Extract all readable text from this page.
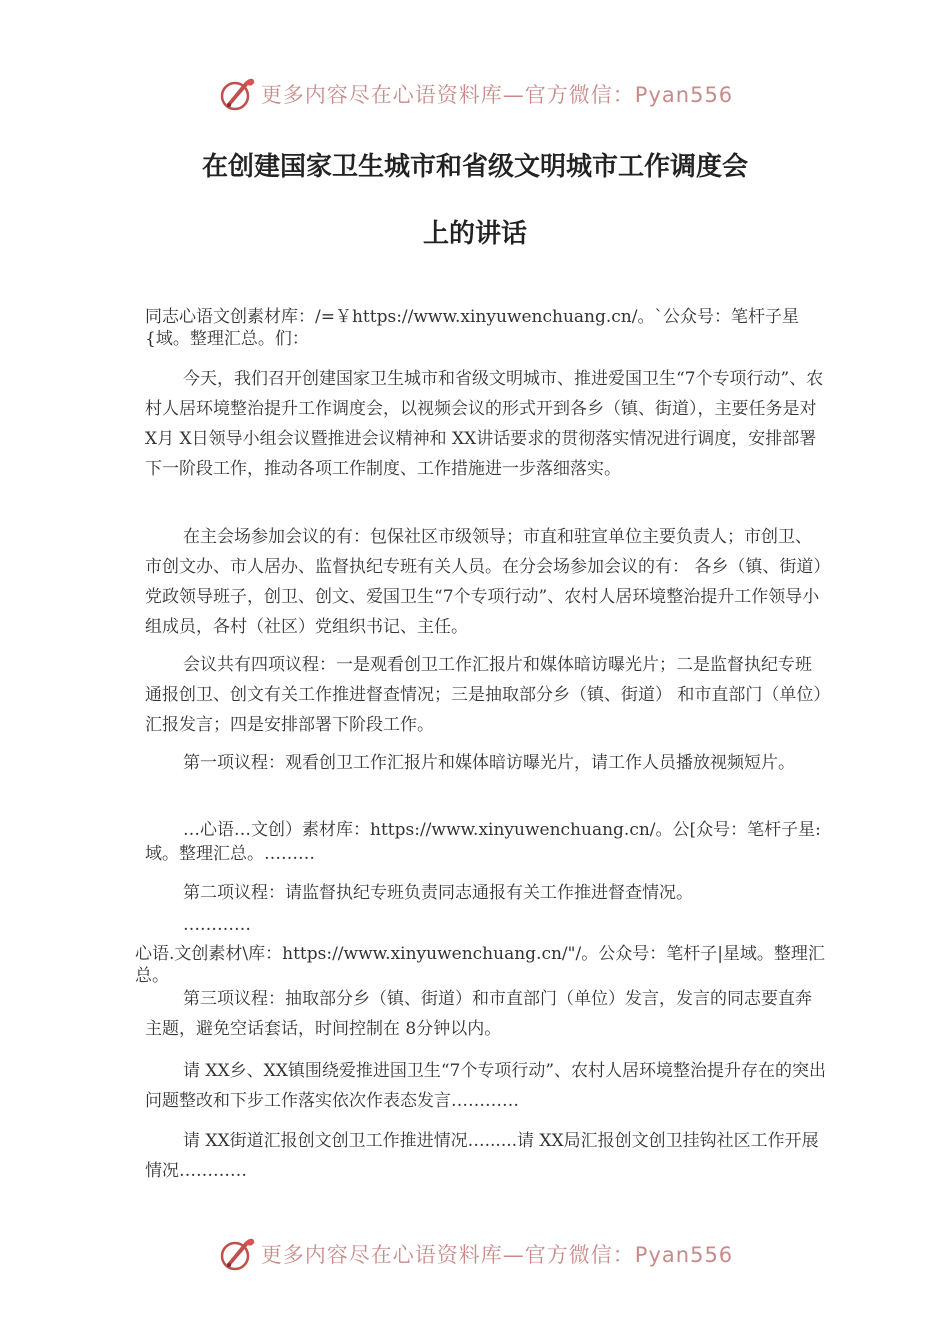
更多内容尽在心语资料库—官方微信：Pyan556
在创建国家卫生城市和省级文明城市工作调度会
上的讲话

同志心语文创素材库：/=￥https://www.xinyuwenchuang.cn/。`公众号：笔杆子星{域。整理汇总。们：

今天，我们召开创建国家卫生城市和省级文明城市、推进爱国卫生“7个专项行动”、农村人居环境整治提升工作调度会，以视频会议的形式开到各乡（镇、街道），主要任务是对 X月 X日领导小组会议暨推进会议精神和 XX讲话要求的贯彻落实情况进行调度，安排部署下一阶段工作，推动各项工作制度、工作措施进一步落细落实。

在主会场参加会议的有：包保社区市级领导；市直和驻宣单位主要负责人；市创卫、市创文办、市人居办、监督执纪专班有关人员。在分会场参加会议的有： 各乡（镇、街道）党政领导班子，创卫、创文、爱国卫生“7个专项行动”、农村人居环境整治提升工作领导小组成员，各村（社区）党组织书记、主任。

会议共有四项议程：一是观看创卫工作汇报片和媒体暗访曝光片；二是监督执纪专班通报创卫、创文有关工作推进督查情况；三是抽取部分乡（镇、街道） 和市直部门（单位）汇报发言；四是安排部署下阶段工作。

第一项议程：观看创卫工作汇报片和媒体暗访曝光片，请工作人员播放视频短片。

…心语…文创）素材库：https://www.xinyuwenchuang.cn/。公[众号：笔杆子星:域。整理汇总。………

第二项议程：请监督执纪专班负责同志通报有关工作推进督查情况。

…………

心语.文创素材\库：https://www.xinyuwenchuang.cn/"/。公众号：笔杆子|星域。整理汇总。

第三项议程：抽取部分乡（镇、街道）和市直部门（单位）发言，发言的同志要直奔主题，避免空话套话，时间控制在 8分钟以内。

请 XX乡、XX镇围绕爱推进国卫生“7个专项行动”、农村人居环境整治提升存在的突出问题整改和下步工作落实依次作表态发言…………

请 XX街道汇报创文创卫工作推进情况…......请 XX局汇报创文创卫挂钩社区工作开展情况…………

更多内容尽在心语资料库—官方微信：Pyan556
